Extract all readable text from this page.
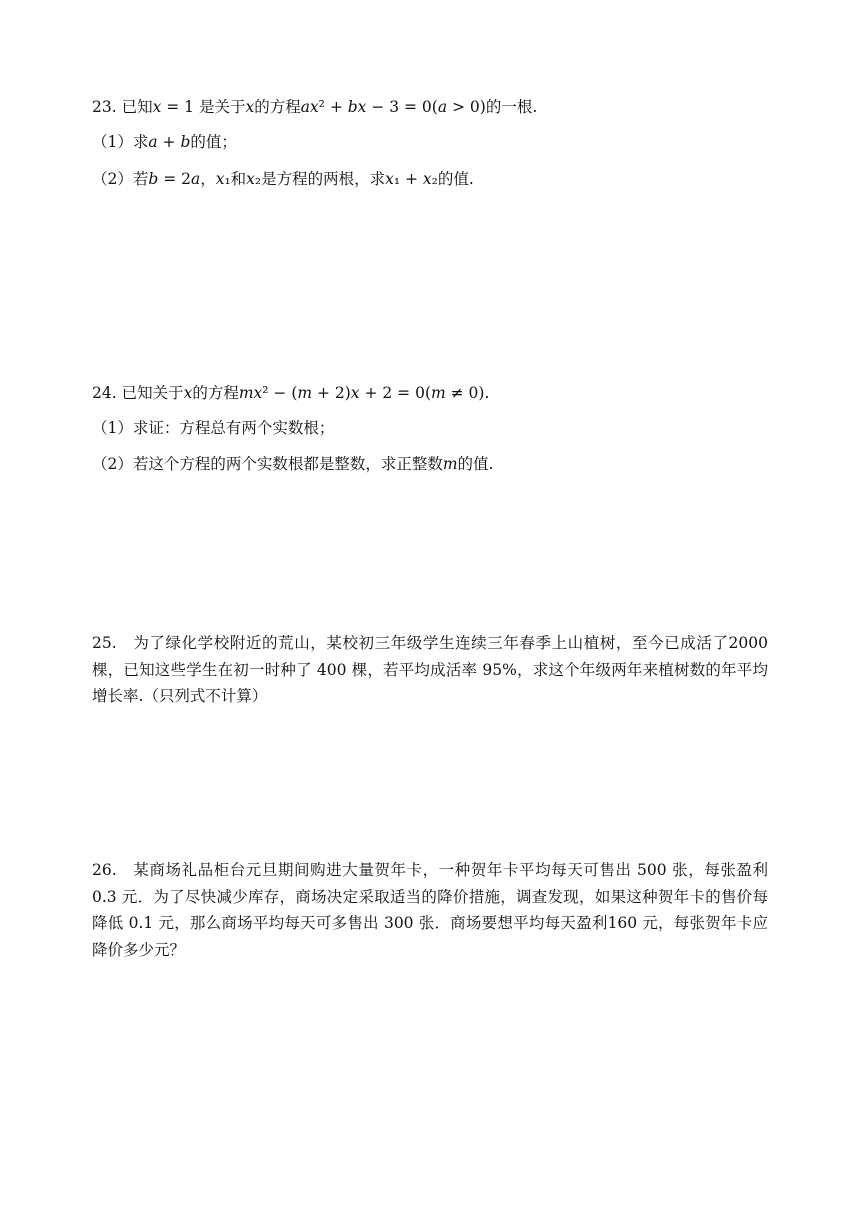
23. 已知𝑥 = 1 是关于𝑥的方程𝑎𝑥² + 𝑏𝑥 − 3 = 0(𝑎 > 0)的一根.
（1）求𝑎 + 𝑏的值；
（2）若𝑏 = 2𝑎，𝑥₁和𝑥₂是方程的两根，求𝑥₁ + 𝑥₂的值.
24. 已知关于𝑥的方程𝑚𝑥² − (𝑚 + 2)𝑥 + 2 = 0(𝑚 ≠ 0).
（1）求证：方程总有两个实数根；
（2）若这个方程的两个实数根都是整数，求正整数𝑚的值.
25.　为了绿化学校附近的荒山，某校初三年级学生连续三年春季上山植树，至今已成活了2000 棵，已知这些学生在初一时种了 400 棵，若平均成活率 95%，求这个年级两年来植树数的年平均增长率.（只列式不计算）
26.　某商场礼品柜台元旦期间购进大量贺年卡，一种贺年卡平均每天可售出 500 张，每张盈利 0.3 元．为了尽快减少库存，商场决定采取适当的降价措施，调查发现，如果这种贺年卡的售价每降低 0.1 元，那么商场平均每天可多售出 300 张．商场要想平均每天盈利160 元，每张贺年卡应降价多少元？
